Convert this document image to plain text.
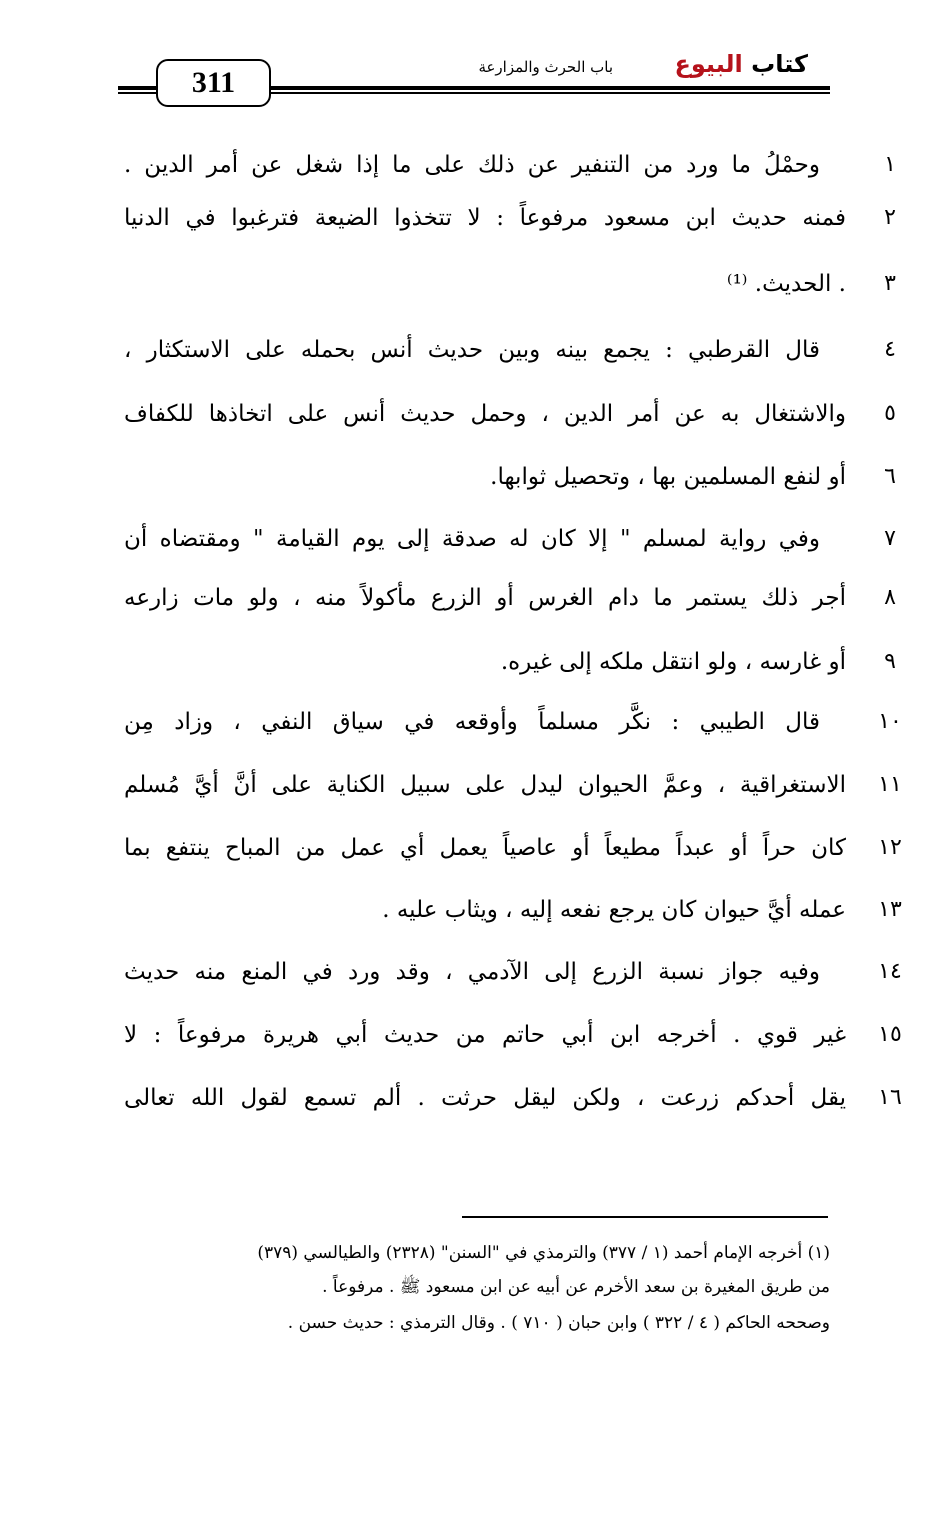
كتاب البيوع
باب الحرث والمزارعة
311
١
وحمْلُ ما ورد من التنفير عن ذلك على ما إذا شغل عن أمر الدين .
٢
فمنه حديث ابن مسعود مرفوعاً : لا تتخذوا الضيعة فترغبوا في الدنيا
٣
. الحديث. ⁽¹⁾
٤
قال القرطبي : يجمع بينه وبين حديث أنس بحمله على الاستكثار ،
٥
والاشتغال به عن أمر الدين ، وحمل حديث أنس على اتخاذها للكفاف
٦
أو لنفع المسلمين بها ، وتحصيل ثوابها.
٧
وفي رواية لمسلم " إلا كان له صدقة إلى يوم القيامة " ومقتضاه أن
٨
أجر ذلك يستمر ما دام الغرس أو الزرع مأكولاً منه ، ولو مات زارعه
٩
أو غارسه ، ولو انتقل ملكه إلى غيره.
١٠
قال الطيبي : نكَّر مسلماً وأوقعه في سياق النفي ، وزاد مِن
١١
الاستغراقية ، وعمَّ الحيوان ليدل على سبيل الكناية على أنَّ أيَّ مُسلم
١٢
كان حراً أو عبداً مطيعاً أو عاصياً يعمل أي عمل من المباح ينتفع بما
١٣
عمله أيَّ حيوان كان يرجع نفعه إليه ، ويثاب عليه .
١٤
وفيه جواز نسبة الزرع إلى الآدمي ، وقد ورد في المنع منه حديث
١٥
غير قوي . أخرجه ابن أبي حاتم من حديث أبي هريرة مرفوعاً : لا
١٦
يقل أحدكم زرعت ، ولكن ليقل حرثت . ألم تسمع لقول الله تعالى
(١) أخرجه الإمام أحمد (١ / ٣٧٧) والترمذي في "السنن" (٢٣٢٨) والطيالسي (٣٧٩)
من طريق المغيرة بن سعد الأخرم عن أبيه عن ابن مسعود ﷺ . مرفوعاً .
وصححه الحاكم ( ٤ / ٣٢٢ ) وابن حبان ( ٧١٠ ) . وقال الترمذي : حديث حسن .
